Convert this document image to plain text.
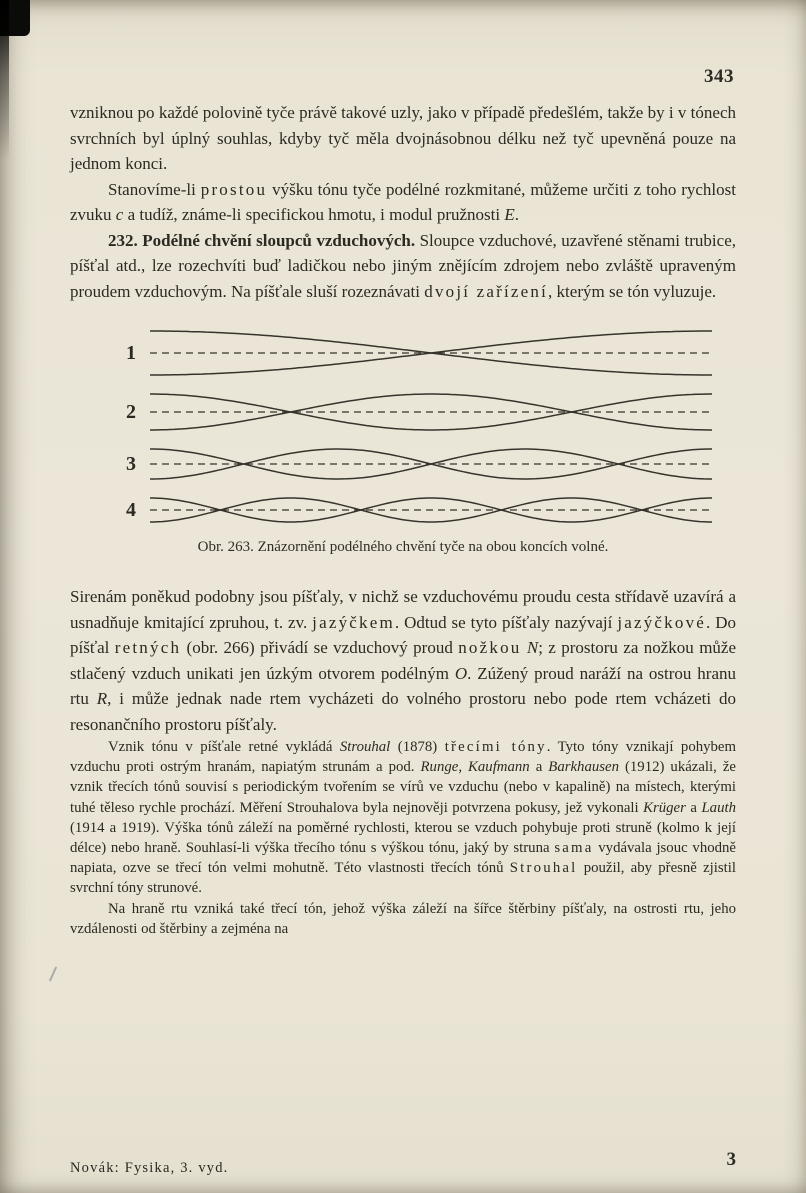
343

vzniknou po každé polovině tyče právě takové uzly, jako v případě předešlém, takže by i v tónech svrchních byl úplný souhlas, kdyby tyč měla dvojnásobnou délku než tyč upevněná pouze na jednom konci.

Stanovíme-li prostou výšku tónu tyče podélné rozkmitané, můžeme určiti z toho rychlost zvuku c a tudíž, známe-li specifickou hmotu, i modul pružnosti E.

232. Podélné chvění sloupců vzduchových. Sloupce vzduchové, uzavřené stěnami trubice, píšťal atd., lze rozechvíti buď ladičkou nebo jiným znějícím zdrojem nebo zvláště upraveným proudem vzduchovým. Na píšťale sluší rozeznávati dvojí zařízení, kterým se tón vyluzuje.

1
2
3
4
Obr. 263. Znázornění podélného chvění tyče na obou koncích volné.

Sirenám poněkud podobny jsou píšťaly, v nichž se vzduchovému proudu cesta střídavě uzavírá a usnadňuje kmitající zpruhou, t. zv. jazýčkem. Odtud se tyto píšťaly nazývají jazýčkové. Do píšťal retných (obr. 266) přivádí se vzduchový proud nožkou N; z prostoru za nožkou může stlačený vzduch unikati jen úzkým otvorem podélným O. Zúžený proud naráží na ostrou hranu rtu R, i může jednak nade rtem vycházeti do volného prostoru nebo pode rtem vcházeti do resonančního prostoru píšťaly.

Vznik tónu v píšťale retné vykládá Strouhal (1878) třecími tóny. Tyto tóny vznikají pohybem vzduchu proti ostrým hranám, napiatým strunám a pod. Runge, Kaufmann a Barkhausen (1912) ukázali, že vznik třecích tónů souvisí s periodickým tvořením se vírů ve vzduchu (nebo v kapalině) na místech, kterými tuhé těleso rychle prochází. Měření Strouhalova byla nejnověji potvrzena pokusy, jež vykonali Krüger a Lauth (1914 a 1919). Výška tónů záleží na poměrné rychlosti, kterou se vzduch pohybuje proti struně (kolmo k její délce) nebo hraně. Souhlasí-li výška třecího tónu s výškou tónu, jaký by struna sama vydávala jsouc vhodně napiata, ozve se třecí tón velmi mohutně. Této vlastnosti třecích tónů Strouhal použil, aby přesně zjistil svrchní tóny strunové.

Na hraně rtu vzniká také třecí tón, jehož výška záleží na šířce štěrbiny píšťaly, na ostrosti rtu, jeho vzdálenosti od štěrbiny a zejména na

Novák: Fysika, 3. vyd.	3
